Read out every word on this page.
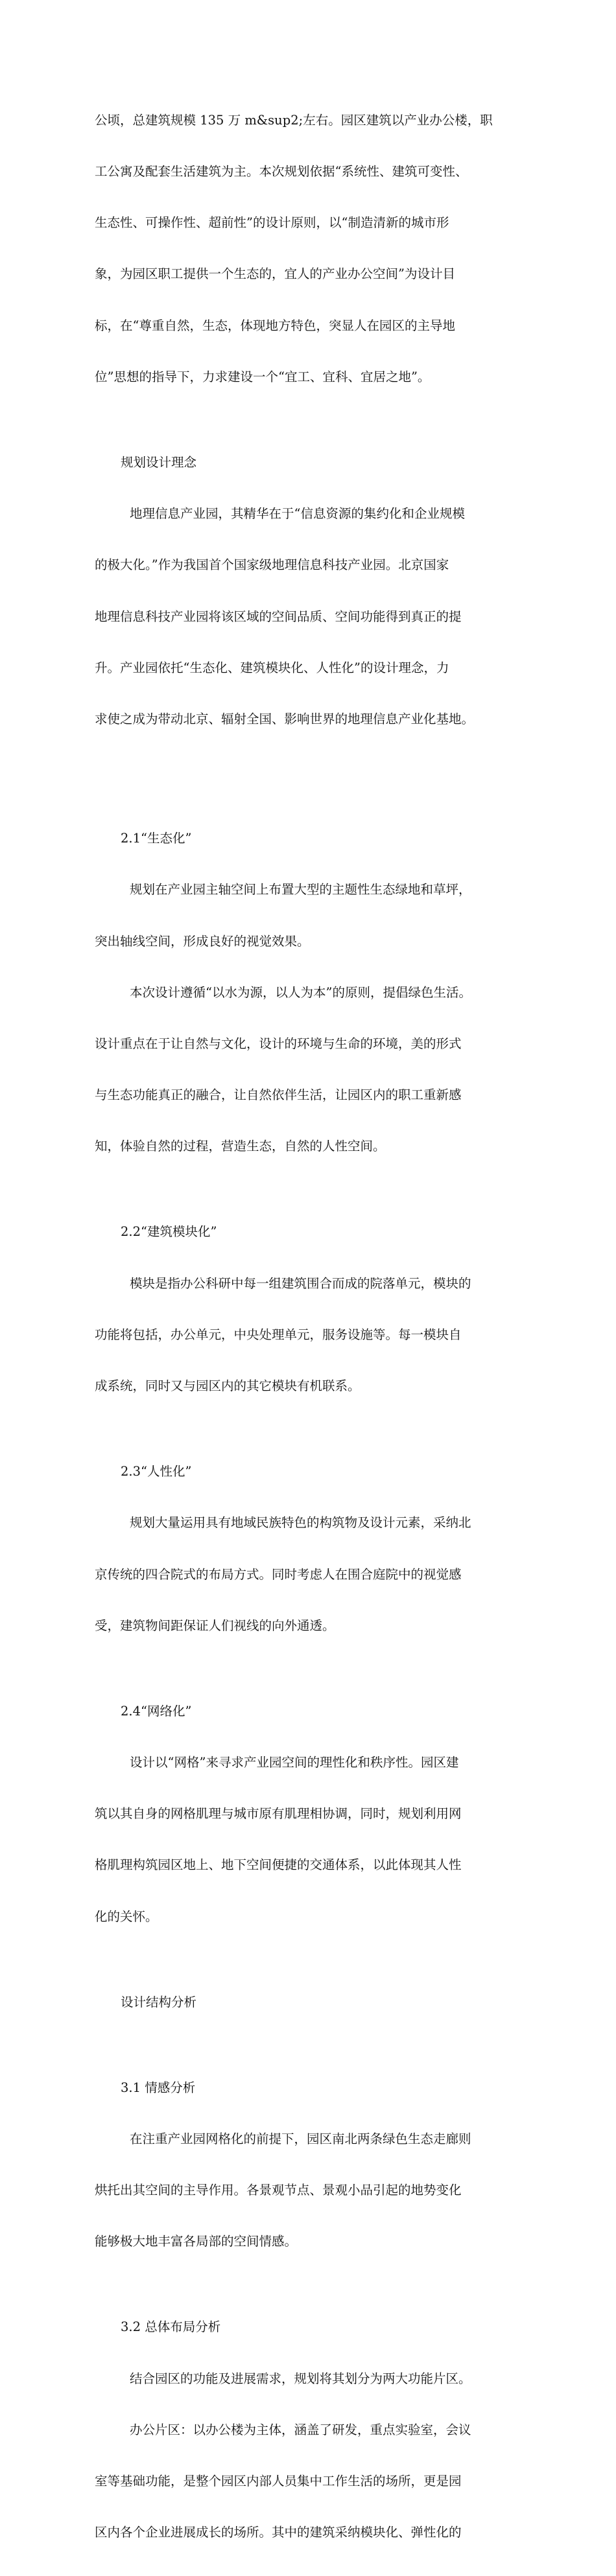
公顷，总建筑规模 135 万 m&sup2;左右。园区建筑以产业办公楼，职

工公寓及配套生活建筑为主。本次规划依据“系统性、建筑可变性、

生态性、可操作性、超前性”的设计原则，以“制造清新的城市形

象，为园区职工提供一个生态的，宜人的产业办公空间”为设计目

标，在“尊重自然，生态，体现地方特色，突显人在园区的主导地

位”思想的指导下，力求建设一个“宜工、宜科、宜居之地”。

规划设计理念

地理信息产业园，其精华在于“信息资源的集约化和企业规模

的极大化。”作为我国首个国家级地理信息科技产业园。北京国家

地理信息科技产业园将该区域的空间品质、空间功能得到真正的提

升。产业园依托“生态化、建筑模块化、人性化”的设计理念，力

求使之成为带动北京、辐射全国、影响世界的地理信息产业化基地。

2.1“生态化”

规划在产业园主轴空间上布置大型的主题性生态绿地和草坪，

突出轴线空间，形成良好的视觉效果。

本次设计遵循“以水为源，以人为本”的原则，提倡绿色生活。

设计重点在于让自然与文化，设计的环境与生命的环境，美的形式

与生态功能真正的融合，让自然依伴生活，让园区内的职工重新感

知，体验自然的过程，营造生态，自然的人性空间。

2.2“建筑模块化”

模块是指办公科研中每一组建筑围合而成的院落单元，模块的

功能将包括，办公单元，中央处理单元，服务设施等。每一模块自

成系统，同时又与园区内的其它模块有机联系。

2.3“人性化”

规划大量运用具有地域民族特色的构筑物及设计元素，采纳北

京传统的四合院式的布局方式。同时考虑人在围合庭院中的视觉感

受，建筑物间距保证人们视线的向外通透。

2.4“网络化”

设计以“网格”来寻求产业园空间的理性化和秩序性。园区建

筑以其自身的网格肌理与城市原有肌理相协调，同时，规划利用网

格肌理构筑园区地上、地下空间便捷的交通体系，以此体现其人性

化的关怀。

设计结构分析

3.1 情感分析

在注重产业园网格化的前提下，园区南北两条绿色生态走廊则

烘托出其空间的主导作用。各景观节点、景观小品引起的地势变化

能够极大地丰富各局部的空间情感。

3.2 总体布局分析

结合园区的功能及进展需求，规划将其划分为两大功能片区。

办公片区：以办公楼为主体，涵盖了研发，重点实验室，会议

室等基础功能，是整个园区内部人员集中工作生活的场所，更是园

区内各个企业进展成长的场所。其中的建筑采纳模块化、弹性化的
